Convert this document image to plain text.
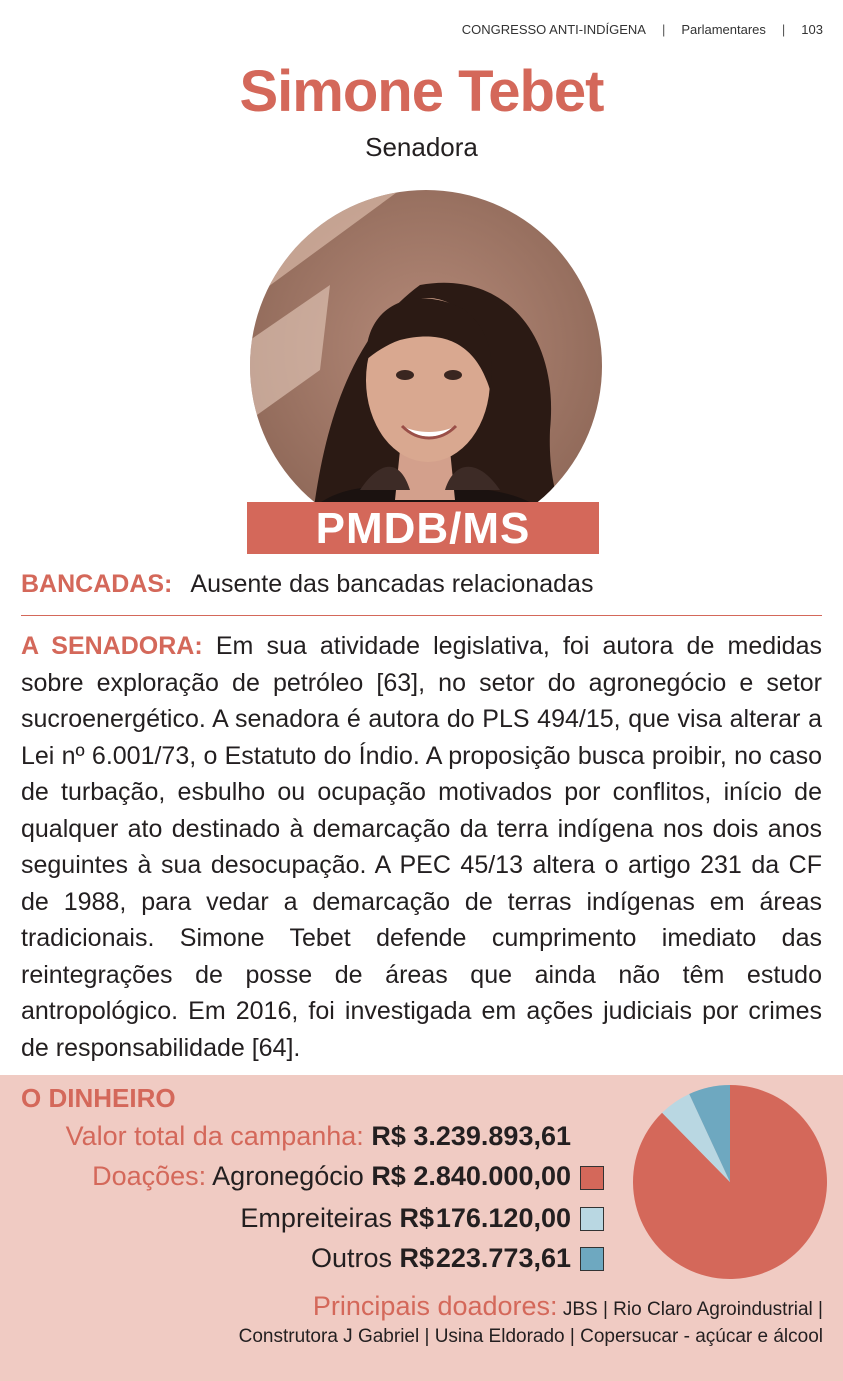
CONGRESSO ANTI-INDÍGENA | Parlamentares | 103
Simone Tebet
Senadora
PMDB/MS
BANCADAS: Ausente das bancadas relacionadas
A SENADORA: Em sua atividade legislativa, foi autora de medidas sobre exploração de petróleo [63], no setor do agronegócio e setor sucroenergético. A senadora é autora do PLS 494/15, que visa alterar a Lei nº 6.001/73, o Estatuto do Índio. A proposição busca proibir, no caso de turbação, esbulho ou ocupação motivados por conflitos, início de qualquer ato destinado à demarcação da terra indígena nos dois anos seguintes à sua desocupação. A PEC 45/13 altera o artigo 231 da CF de 1988, para vedar a demarcação de terras indígenas em áreas tradicionais. Simone Tebet defende cumprimento imediato das reintegrações de posse de áreas que ainda não têm estudo antropológico. Em 2016, foi investigada em ações judiciais por crimes de responsabilidade [64].
O DINHEIRO
Valor total da campanha: R$ 3.239.893,61
Doações: Agronegócio R$ 2.840.000,00
Empreiteiras R$ 176.120,00
Outros R$ 223.773,61
Principais doadores: JBS | Rio Claro Agroindustrial |
Construtora J Gabriel | Usina Eldorado | Copersucar - açúcar e álcool
